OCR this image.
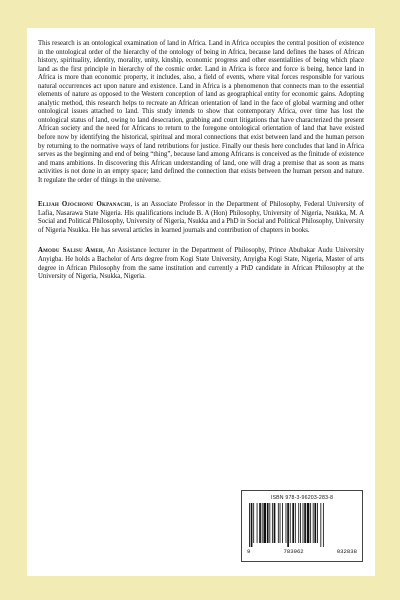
This research is an ontological examination of land in Africa. Land in Africa occupies the central position of existence in the ontological order of the hierarchy of the ontology of being in Africa, because land defines the bases of African history, spirituality, identity, morality, unity, kinship, economic progress and other essentialities of being which place land as the first principle in hierarchy of the cosmic order. Land in Africa is force and force is being, hence land in Africa is more than economic property, it includes, also, a field of events, where vital forces responsible for various natural occurrences act upon nature and existence. Land in Africa is a phenomenon that connects man to the essential elements of nature as opposed to the Western conception of land as geographical entity for economic gains. Adopting analytic method, this research helps to recreate an African orientation of land in the face of global warming and other ontological issues attached to land. This study intends to show that contemporary Africa, over time has lost the ontological status of land, owing to land desecration, grabbing and court litigations that have characterized the present African society and the need for Africans to return to the foregone ontological orientation of land that have existed before now by identifying the historical, spiritual and moral connections that exist between land and the human person by returning to the normative ways of land retributions for justice. Finally our thesis here concludes that land in Africa serves as the beginning and end of being “thing”, because land among Africans is conceived as the finitude of existence and mans ambitions. In discovering this African understanding of land, one will drag a premise that as soon as mans activities is not done in an empty space; land defined the connection that exists between the human person and nature. It regulate the order of things in the universe.

Elijah Ojochonu Okpanachi, is an Associate Professor in the Department of Philosophy, Federal University of Lafia, Nasarawa State Nigeria. His qualifications include B. A (Hon) Philosophy, University of Nigeria, Nsukka, M. A Social and Political Philosophy, University of Nigeria, Nsukka and a PhD in Social and Political Philosophy, University of Nigeria Nsukka. He has several articles in learned journals and contribution of chapters in books.

Amodu Salisu Ameh, An Assistance lecturer in the Department of Philosophy, Prince Abubakar Audu University Anyigba. He holds a Bachelor of Arts degree from Kogi State University, Anyigba Kogi State, Nigeria, Master of arts degree in African Philosophy from the same institution and currently a PhD candidate in African Philosophy at the University of Nigeria, Nsukka, Nigeria.

ISBN 978-3-96203-283-8
9	783962	032838
